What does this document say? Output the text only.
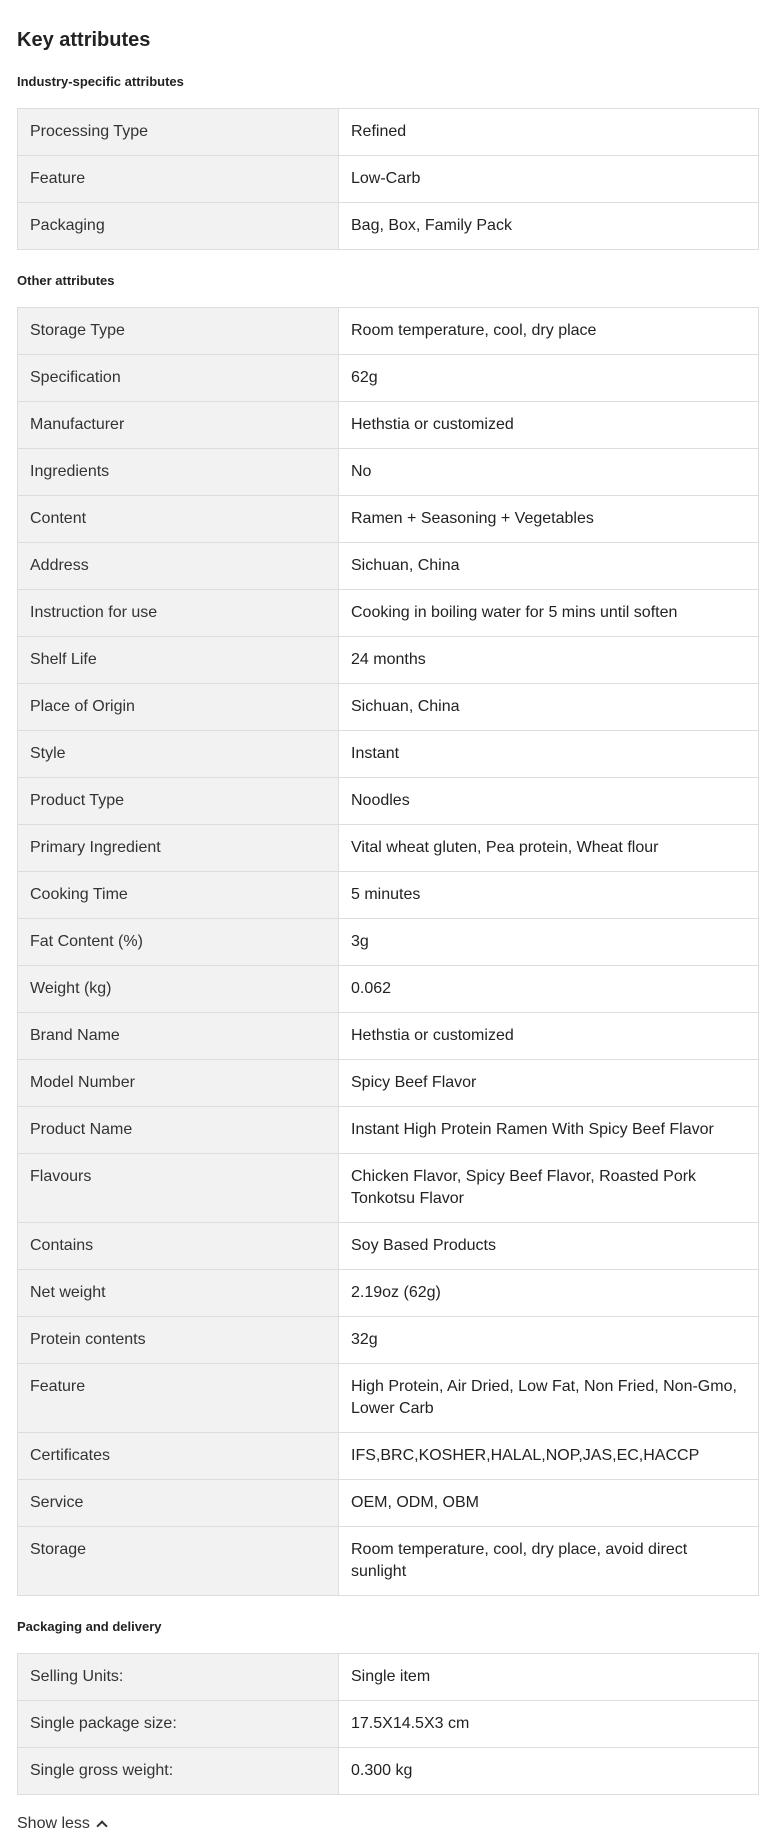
Key attributes
Industry-specific attributes
Processing Type	Refined
Feature	Low-Carb
Packaging	Bag, Box, Family Pack
Other attributes
Storage Type	Room temperature, cool, dry place
Specification	62g
Manufacturer	Hethstia or customized
Ingredients	No
Content	Ramen + Seasoning + Vegetables
Address	Sichuan, China
Instruction for use	Cooking in boiling water for 5 mins until soften
Shelf Life	24 months
Place of Origin	Sichuan, China
Style	Instant
Product Type	Noodles
Primary Ingredient	Vital wheat gluten, Pea protein, Wheat flour
Cooking Time	5 minutes
Fat Content (%)	3g
Weight (kg)	0.062
Brand Name	Hethstia or customized
Model Number	Spicy Beef Flavor
Product Name	Instant High Protein Ramen With Spicy Beef Flavor
Flavours	Chicken Flavor, Spicy Beef Flavor, Roasted Pork Tonkotsu Flavor
Contains	Soy Based Products
Net weight	2.19oz (62g)
Protein contents	32g
Feature	High Protein, Air Dried, Low Fat, Non Fried, Non-Gmo, Lower Carb
Certificates	IFS,BRC,KOSHER,HALAL,NOP,JAS,EC,HACCP
Service	OEM, ODM, OBM
Storage	Room temperature, cool, dry place, avoid direct sunlight
Packaging and delivery
Selling Units:	Single item
Single package size:	17.5X14.5X3 cm
Single gross weight:	0.300 kg
Show less
